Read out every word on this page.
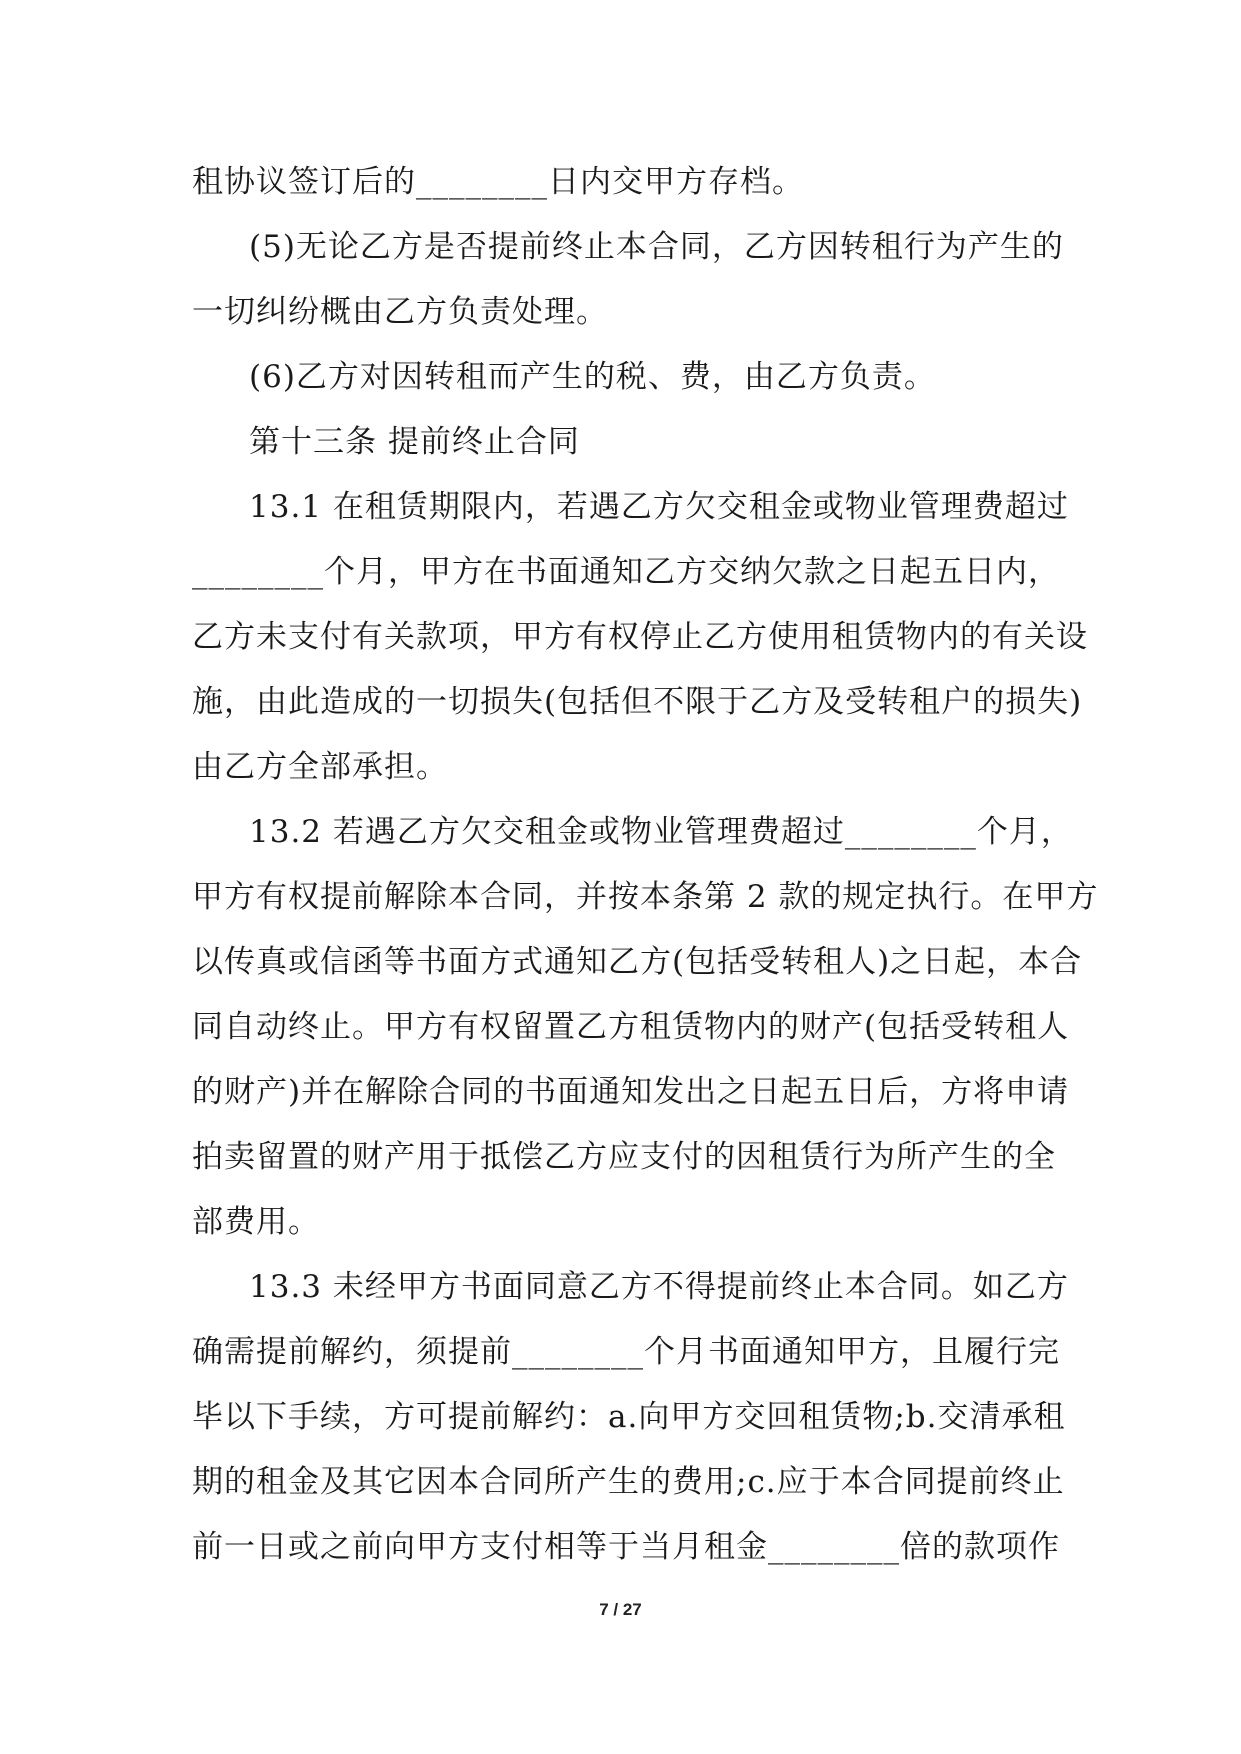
租协议签订后的________日内交甲方存档。
(5)无论乙方是否提前终止本合同，乙方因转租行为产生的
一切纠纷概由乙方负责处理。
(6)乙方对因转租而产生的税、费，由乙方负责。
第十三条 提前终止合同
13.1 在租赁期限内，若遇乙方欠交租金或物业管理费超过
________个月，甲方在书面通知乙方交纳欠款之日起五日内，
乙方未支付有关款项，甲方有权停止乙方使用租赁物内的有关设
施，由此造成的一切损失(包括但不限于乙方及受转租户的损失)
由乙方全部承担。
13.2 若遇乙方欠交租金或物业管理费超过________个月，
甲方有权提前解除本合同，并按本条第 2 款的规定执行。在甲方
以传真或信函等书面方式通知乙方(包括受转租人)之日起，本合
同自动终止。甲方有权留置乙方租赁物内的财产(包括受转租人
的财产)并在解除合同的书面通知发出之日起五日后，方将申请
拍卖留置的财产用于抵偿乙方应支付的因租赁行为所产生的全
部费用。
13.3 未经甲方书面同意乙方不得提前终止本合同。如乙方
确需提前解约，须提前________个月书面通知甲方，且履行完
毕以下手续，方可提前解约：a.向甲方交回租赁物;b.交清承租
期的租金及其它因本合同所产生的费用;c.应于本合同提前终止
前一日或之前向甲方支付相等于当月租金________倍的款项作
7 / 27
